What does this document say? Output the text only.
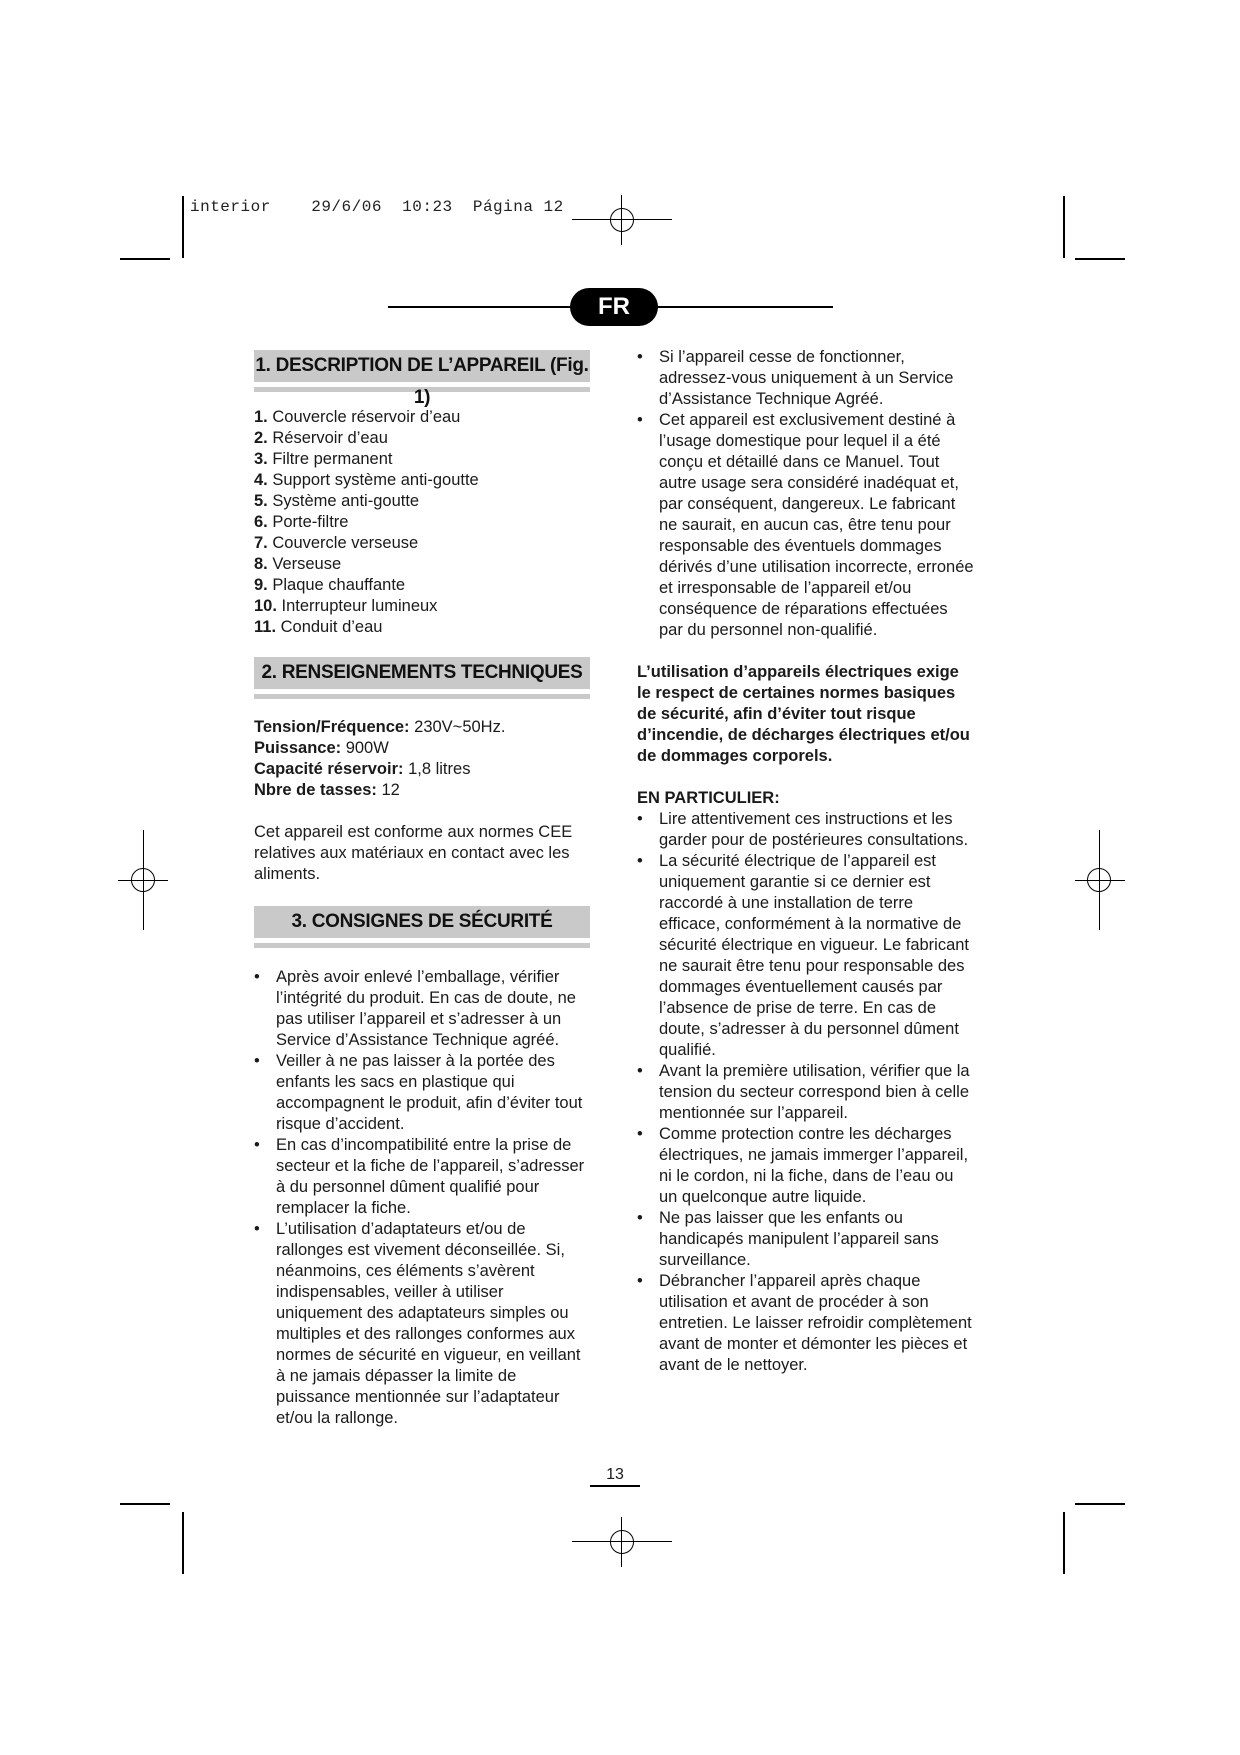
interior    29/6/06  10:23  Página 12
FR
1. DESCRIPTION DE L’APPAREIL (Fig. 1)
1. Couvercle réservoir d’eau
2. Réservoir d’eau
3. Filtre permanent
4. Support système anti-goutte
5. Système anti-goutte
6. Porte-filtre
7. Couvercle verseuse
8. Verseuse
9. Plaque chauffante
10. Interrupteur lumineux
11. Conduit d’eau
2. RENSEIGNEMENTS TECHNIQUES

Tension/Fréquence: 230V~50Hz.

Puissance: 900W

Capacité réservoir: 1,8 litres

Nbre de tasses: 12

Cet appareil est conforme aux normes CEE relatives aux matériaux en contact avec les aliments.

3. CONSIGNES DE SÉCURITÉ
• Après avoir enlevé l’emballage, vérifier l’intégrité du produit. En cas de doute, ne pas utiliser l’appareil et s’adresser à un Service d’Assistance Technique agréé.
• Veiller à ne pas laisser à la portée des enfants les sacs en plastique qui accompagnent le produit, afin d’éviter tout risque d’accident.
• En cas d’incompatibilité entre la prise de secteur et la fiche de l’appareil, s’adresser à du personnel dûment qualifié pour remplacer la fiche.
• L’utilisation d’adaptateurs et/ou de rallonges est vivement déconseillée. Si, néanmoins, ces éléments s’avèrent indispensables, veiller à utiliser uniquement des adaptateurs simples ou multiples et des rallonges conformes aux normes de sécurité en vigueur, en veillant à ne jamais dépasser la limite de puissance mentionnée sur l’adaptateur et/ou la rallonge.
• Si l’appareil cesse de fonctionner, adressez-vous uniquement à un Service d’Assistance Technique Agréé.
• Cet appareil est exclusivement destiné à l’usage domestique pour lequel il a été conçu et détaillé dans ce Manuel. Tout autre usage sera considéré inadéquat et, par conséquent, dangereux. Le fabricant ne saurait, en aucun cas, être tenu pour responsable des éventuels dommages dérivés d’une utilisation incorrecte, erronée et irresponsable de l’appareil et/ou conséquence de réparations effectuées par du personnel non-qualifié.

L’utilisation d’appareils électriques exige le respect de certaines normes basiques de sécurité, afin d’éviter tout risque d’incendie, de décharges électriques et/ou de dommages corporels.

EN PARTICULIER:

• Lire attentivement ces instructions et les garder pour de postérieures consultations.
• La sécurité électrique de l’appareil est uniquement garantie si ce dernier est raccordé à une installation de terre efficace, conformément à la normative de sécurité électrique en vigueur. Le fabricant ne saurait être tenu pour responsable des dommages éventuellement causés par l’absence de prise de terre. En cas de doute, s’adresser à du personnel dûment qualifié.
• Avant la première utilisation, vérifier que la tension du secteur correspond bien à celle mentionnée sur l’appareil.
• Comme protection contre les décharges électriques, ne jamais immerger l’appareil, ni le cordon, ni la fiche, dans de l’eau ou un quelconque autre liquide.
• Ne pas laisser que les enfants ou handicapés manipulent l’appareil sans surveillance.
• Débrancher l’appareil après chaque utilisation et avant de procéder à son entretien. Le laisser refroidir complètement avant de monter et démonter les pièces et avant de le nettoyer.
13
